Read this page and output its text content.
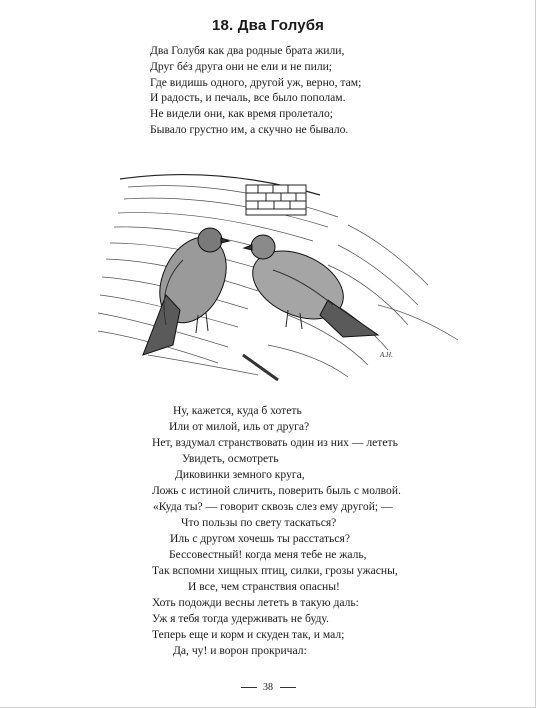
18. Два Голубя
Два Голубя как два родные брата жили,
Друг бéз друга они не ели и не пили;
Где видишь одного, другой уж, верно, там;
И радость, и печаль, все было пополам.
Не видели они, как время пролетало;
Бывало грустно им, а скучно не бывало.
А.Н.
Ну, кажется, куда б хотеть
Или от милой, иль от друга?
Нет, вздумал странствовать один из них — лететь
Увидеть, осмотреть
Диковинки земного круга,
Ложь с истиной сличить, поверить быль с молвой.
«Куда ты? — говорит сквозь слез ему другой; —
Что пользы по свету таскаться?
Иль с другом хочешь ты расстаться?
Бессовестный! когда меня тебе не жаль,
Так вспомни хищных птиц, силки, грозы ужасны,
И все, чем странствия опасны!
Хоть подожди весны лететь в такую даль:
Уж я тебя тогда удерживать не буду.
Теперь еще и корм и скуден так, и мал;
Да, чу! и ворон прокричал:
38
